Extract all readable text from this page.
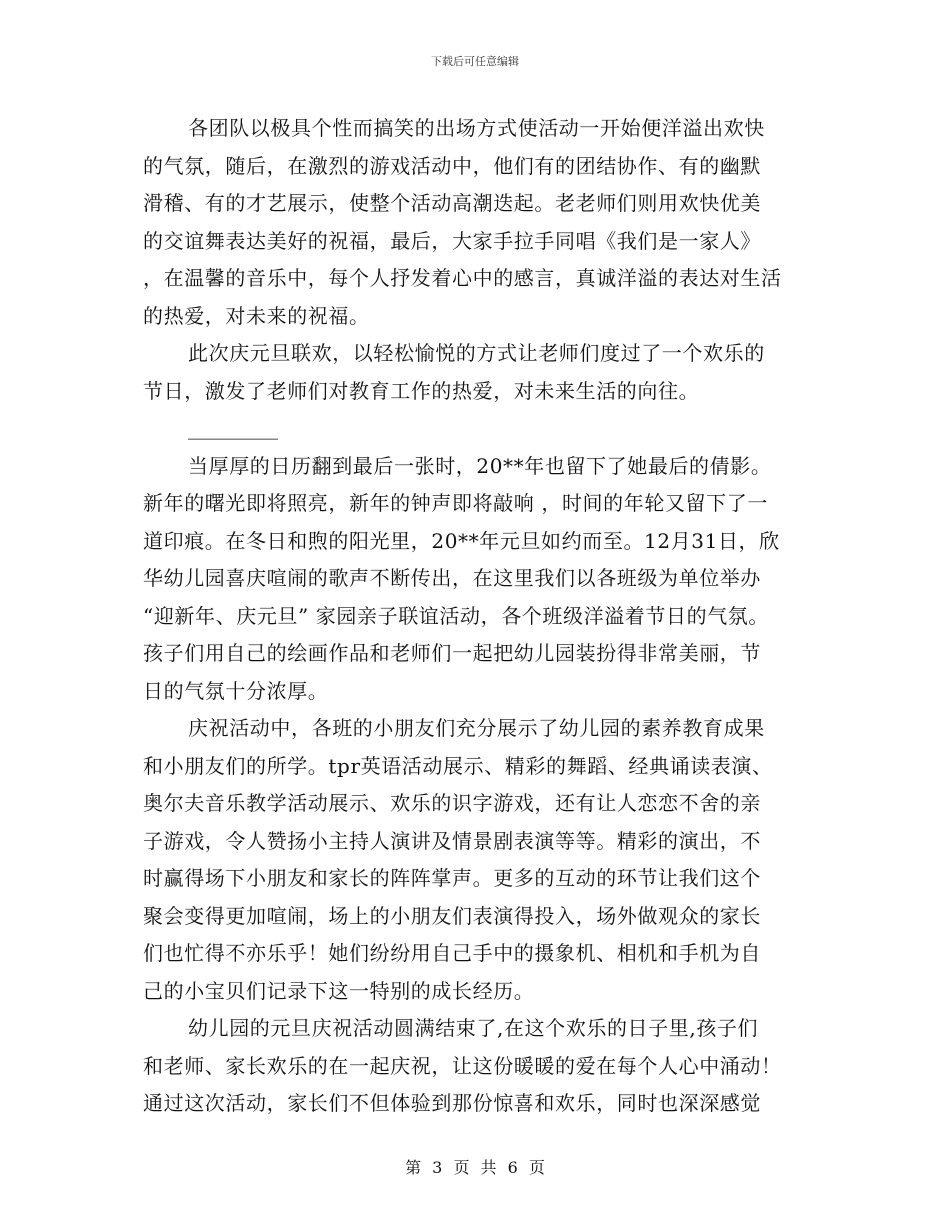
下载后可任意编辑
各团队以极具个性而搞笑的出场方式使活动一开始便洋溢出欢快
的气氛，随后，在激烈的游戏活动中，他们有的团结协作、有的幽默
滑稽、有的才艺展示，使整个活动高潮迭起。老老师们则用欢快优美
的交谊舞表达美好的祝福，最后，大家手拉手同唱《我们是一家人》
，在温馨的音乐中，每个人抒发着心中的感言，真诚洋溢的表达对生活
的热爱，对未来的祝福。
此次庆元旦联欢，以轻松愉悦的方式让老师们度过了一个欢乐的
节日，激发了老师们对教育工作的热爱，对未来生活的向往。
_________
当厚厚的日历翻到最后一张时，20**年也留下了她最后的倩影。
新年的曙光即将照亮，新年的钟声即将敲响 ，时间的年轮又留下了一
道印痕。在冬日和煦的阳光里，20**年元旦如约而至。12月31日，欣
华幼儿园喜庆喧闹的歌声不断传出，在这里我们以各班级为单位举办
“迎新年、庆元旦” 家园亲子联谊活动，各个班级洋溢着节日的气氛。
孩子们用自己的绘画作品和老师们一起把幼儿园装扮得非常美丽，节
日的气氛十分浓厚。
庆祝活动中，各班的小朋友们充分展示了幼儿园的素养教育成果
和小朋友们的所学。tpr英语活动展示、精彩的舞蹈、经典诵读表演、
奥尔夫音乐教学活动展示、欢乐的识字游戏，还有让人恋恋不舍的亲
子游戏，令人赞扬小主持人演讲及情景剧表演等等。精彩的演出，不
时赢得场下小朋友和家长的阵阵掌声。更多的互动的环节让我们这个
聚会变得更加喧闹，场上的小朋友们表演得投入，场外做观众的家长
们也忙得不亦乐乎！她们纷纷用自己手中的摄象机、相机和手机为自
己的小宝贝们记录下这一特别的成长经历。
幼儿园的元旦庆祝活动圆满结束了,在这个欢乐的日子里,孩子们
和老师、家长欢乐的在一起庆祝，让这份暖暖的爱在每个人心中涌动！
通过这次活动，家长们不但体验到那份惊喜和欢乐，同时也深深感觉
第 3 页 共 6 页
